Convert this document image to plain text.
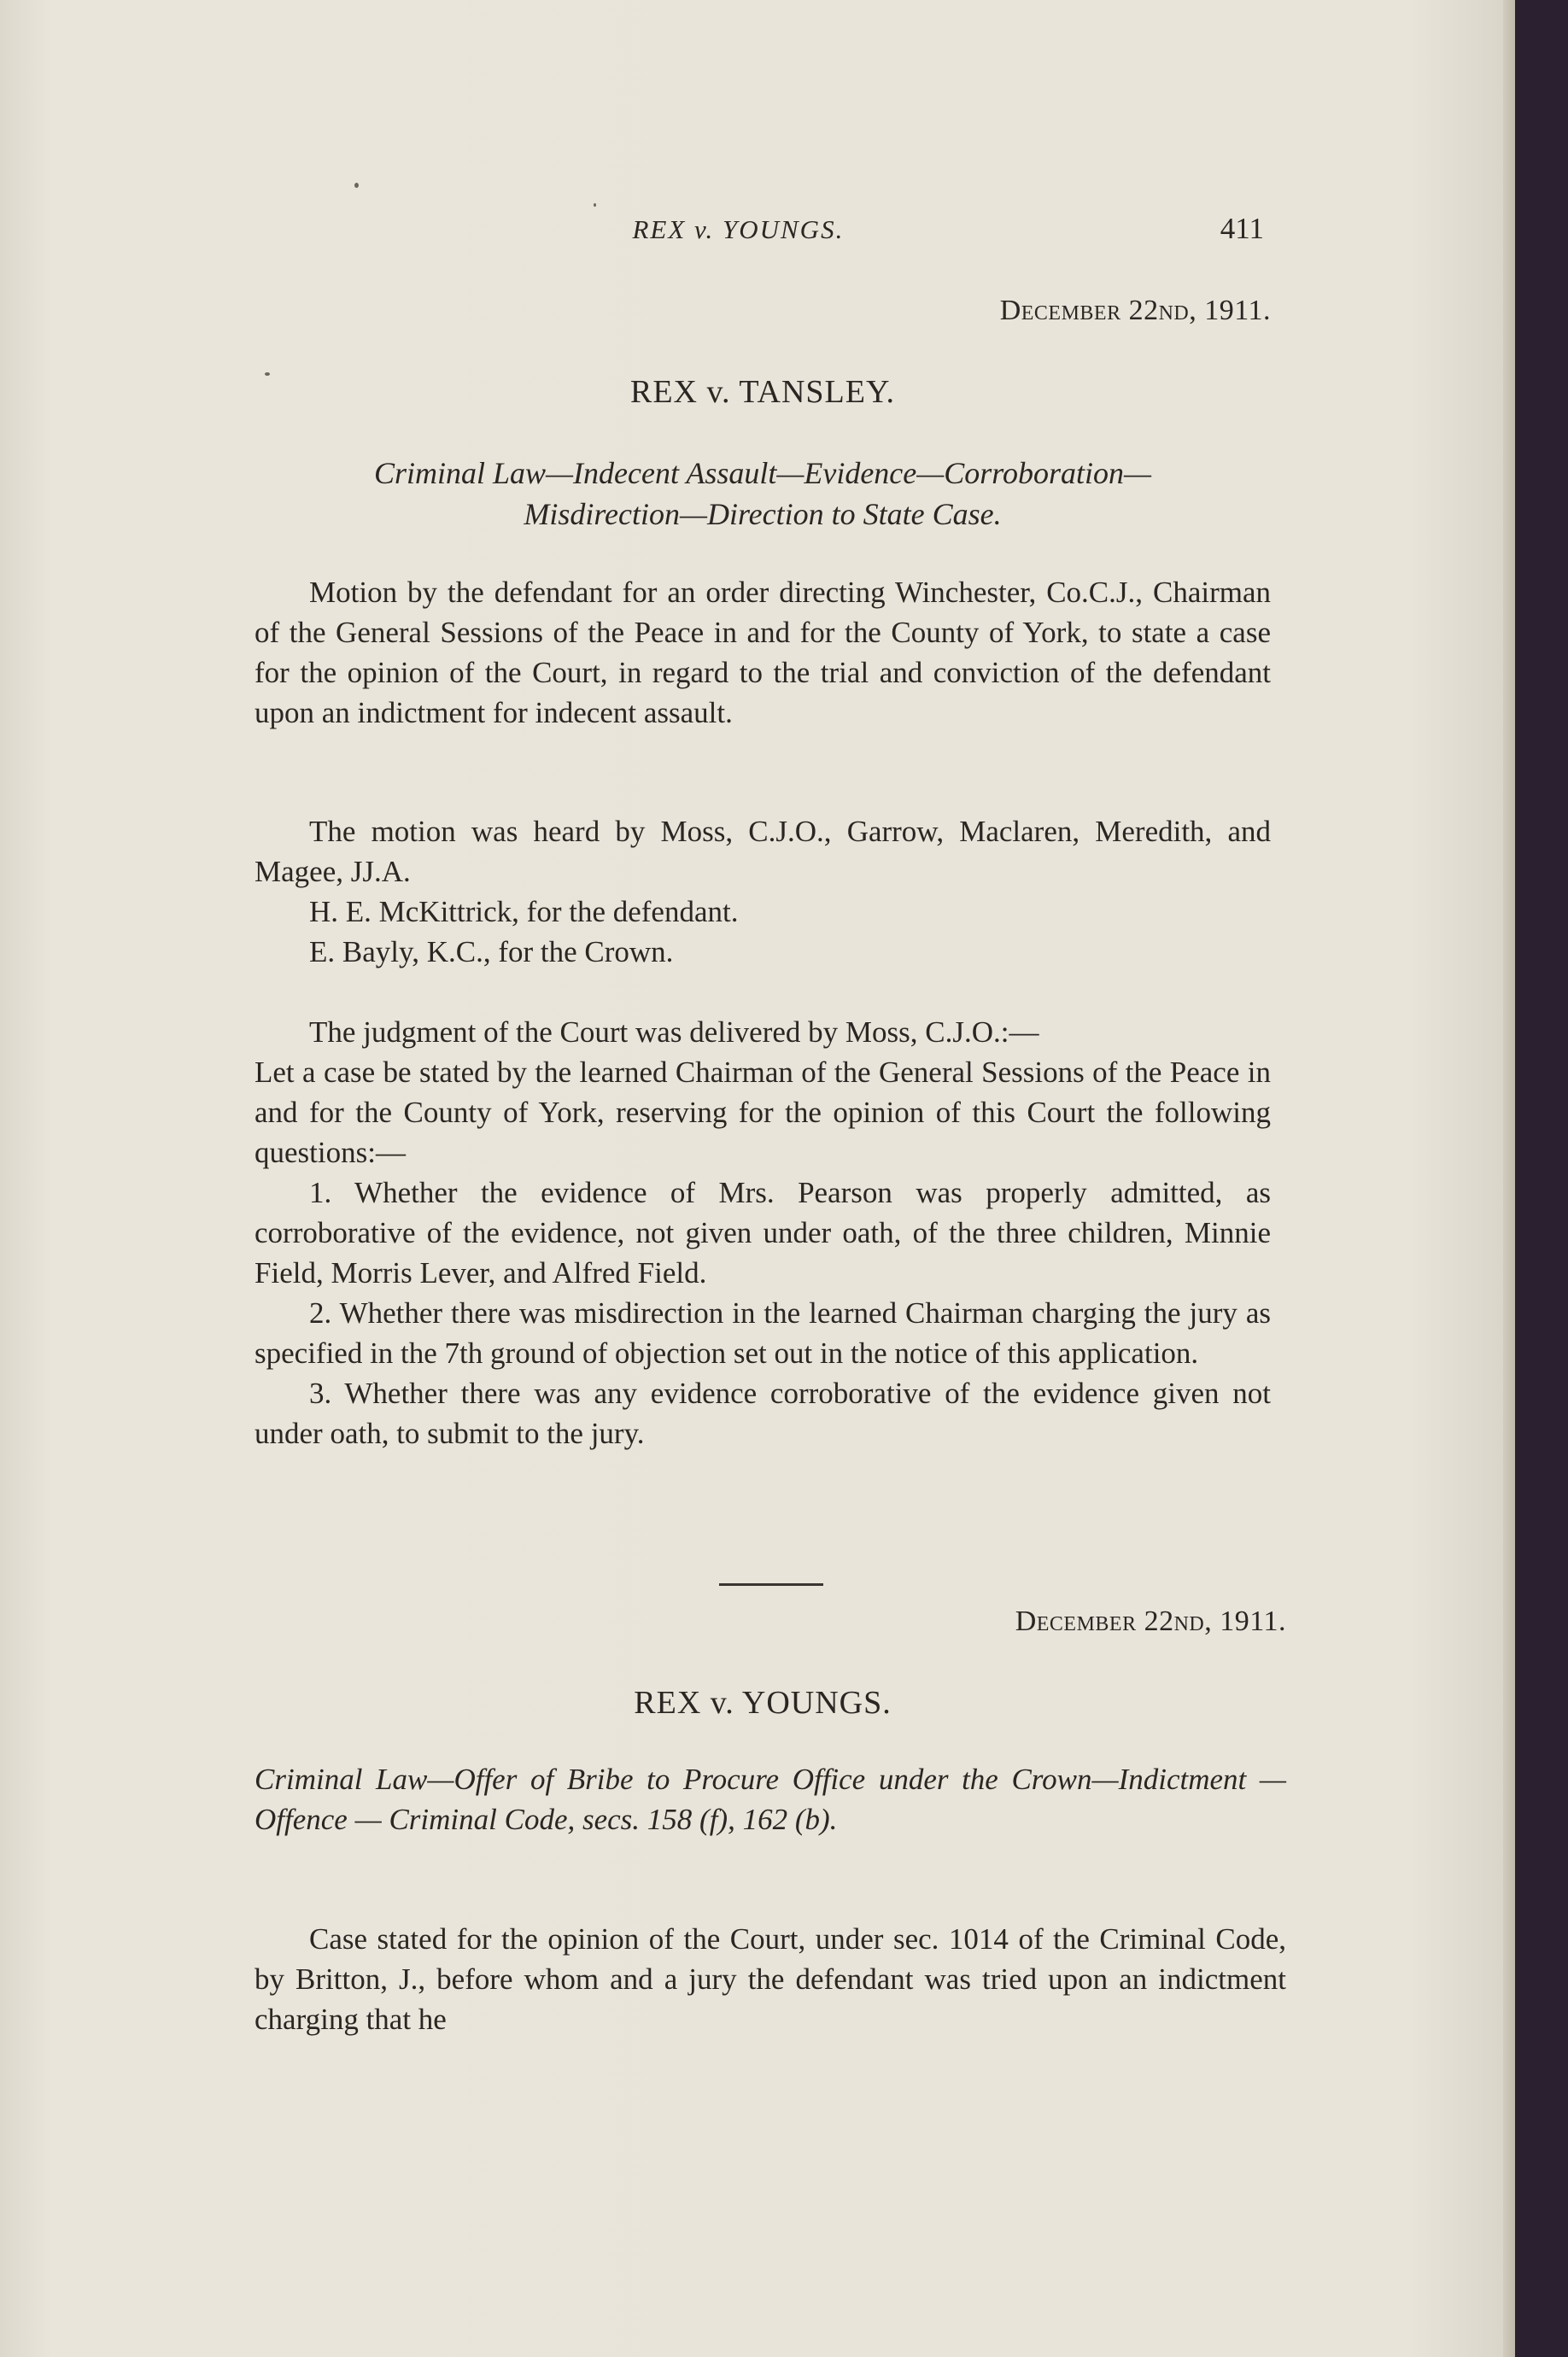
REX v. YOUNGS.	411
December 22nd, 1911.

REX v. TANSLEY.

Criminal Law—Indecent Assault—Evidence—Corroboration—

Misdirection—Direction to State Case.

Motion by the defendant for an order directing Winchester, Co.C.J., Chairman of the General Sessions of the Peace in and for the County of York, to state a case for the opinion of the Court, in regard to the trial and conviction of the defendant upon an indictment for indecent assault.

The motion was heard by Moss, C.J.O., Garrow, Maclaren, Meredith, and Magee, JJ.A.

H. E. McKittrick, for the defendant.

E. Bayly, K.C., for the Crown.

The judgment of the Court was delivered by Moss, C.J.O.:—

Let a case be stated by the learned Chairman of the General Sessions of the Peace in and for the County of York, reserving for the opinion of this Court the following questions:—

1. Whether the evidence of Mrs. Pearson was properly admitted, as corroborative of the evidence, not given under oath, of the three children, Minnie Field, Morris Lever, and Alfred Field.

2. Whether there was misdirection in the learned Chairman charging the jury as specified in the 7th ground of objection set out in the notice of this application.

3. Whether there was any evidence corroborative of the evidence given not under oath, to submit to the jury.

December 22nd, 1911.

REX v. YOUNGS.

Criminal Law—Offer of Bribe to Procure Office under the Crown—Indictment — Offence — Criminal Code, secs. 158 (f), 162 (b).

Case stated for the opinion of the Court, under sec. 1014 of the Criminal Code, by Britton, J., before whom and a jury the defendant was tried upon an indictment charging that he
